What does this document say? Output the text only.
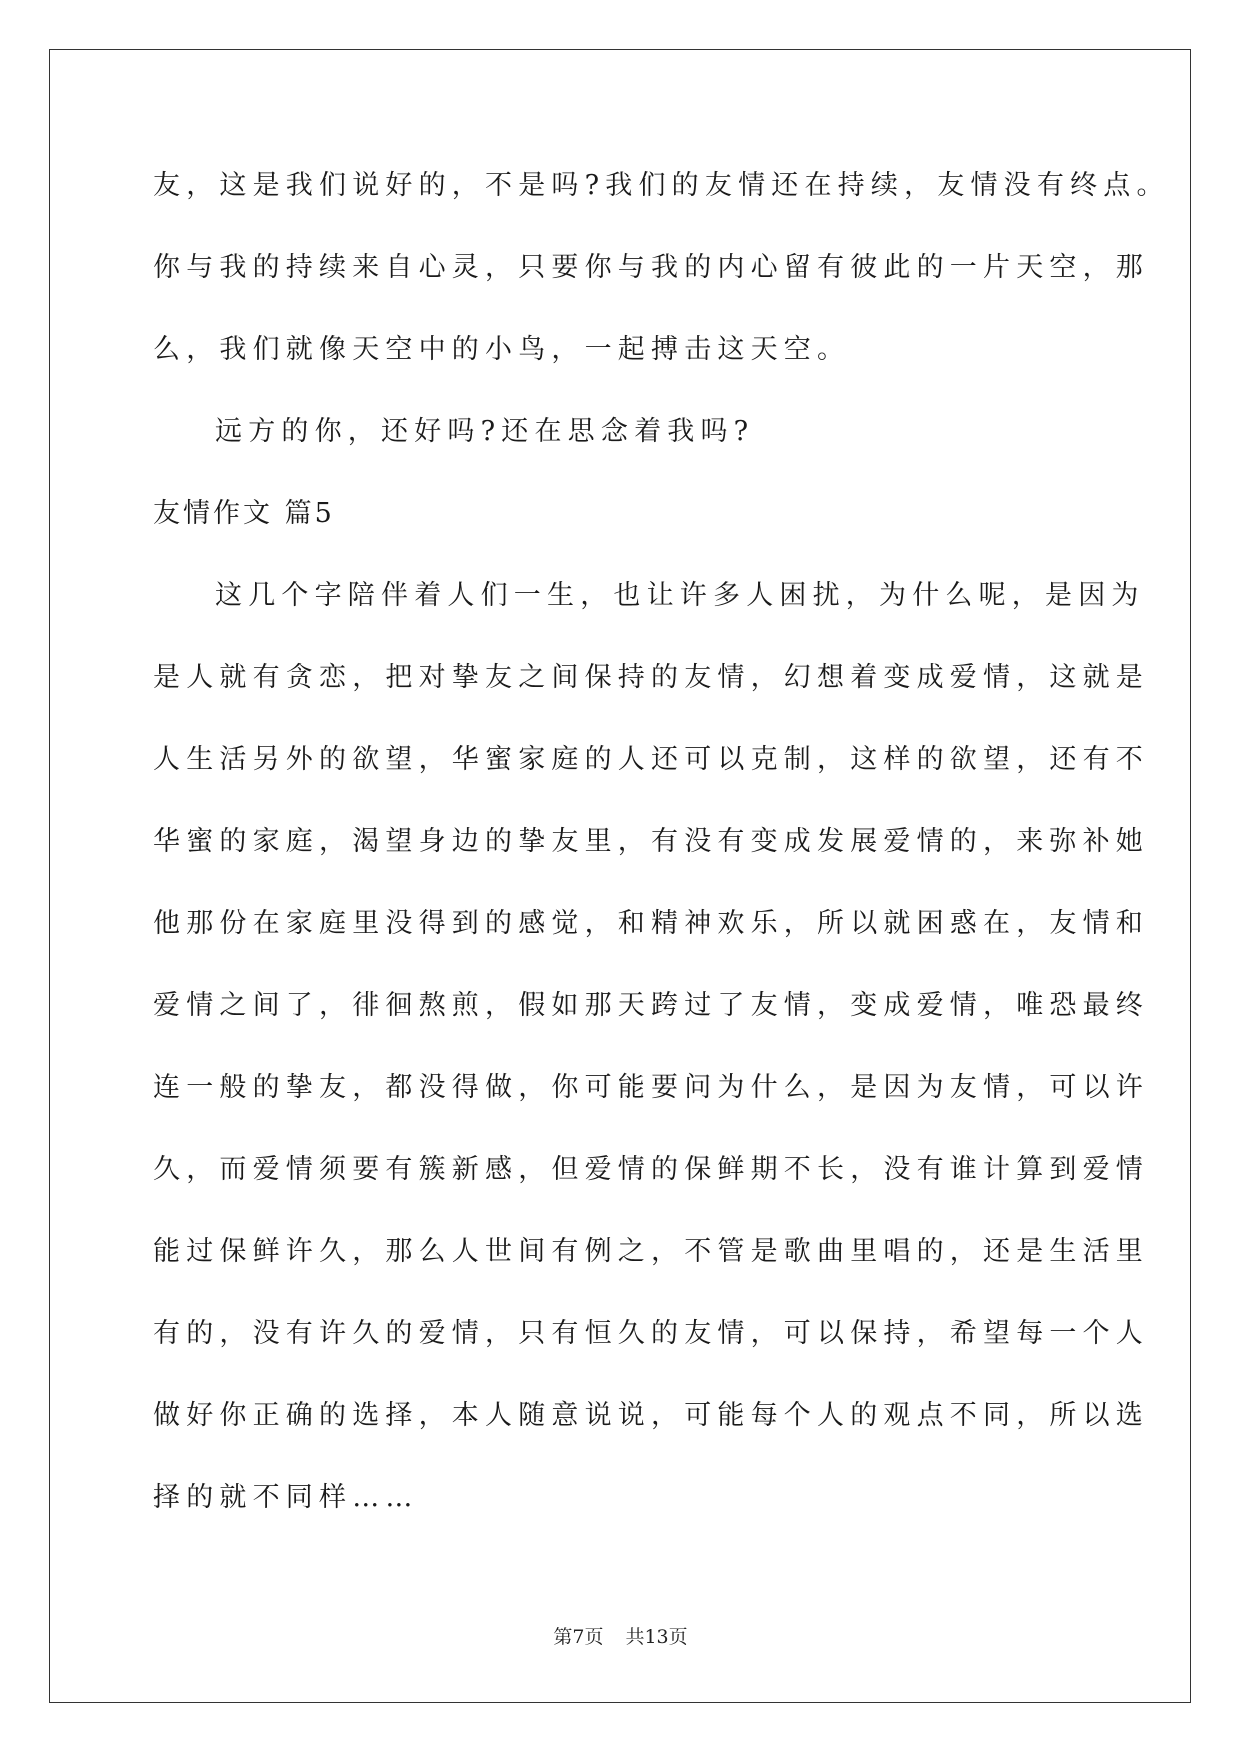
友，这是我们说好的，不是吗?我们的友情还在持续，友情没有终点。
你与我的持续来自心灵，只要你与我的内心留有彼此的一片天空，那
么，我们就像天空中的小鸟，一起搏击这天空。
远方的你，还好吗?还在思念着我吗?
友情作文 篇5
这几个字陪伴着人们一生，也让许多人困扰，为什么呢，是因为
是人就有贪恋，把对挚友之间保持的友情，幻想着变成爱情，这就是
人生活另外的欲望，华蜜家庭的人还可以克制，这样的欲望，还有不
华蜜的家庭，渴望身边的挚友里，有没有变成发展爱情的，来弥补她
他那份在家庭里没得到的感觉，和精神欢乐，所以就困惑在，友情和
爱情之间了，徘徊熬煎，假如那天跨过了友情，变成爱情，唯恐最终
连一般的挚友，都没得做，你可能要问为什么，是因为友情，可以许
久，而爱情须要有簇新感，但爱情的保鲜期不长，没有谁计算到爱情
能过保鲜许久，那么人世间有例之，不管是歌曲里唱的，还是生活里
有的，没有许久的爱情，只有恒久的友情，可以保持，希望每一个人
做好你正确的选择，本人随意说说，可能每个人的观点不同，所以选
择的就不同样……
第7页 共13页
